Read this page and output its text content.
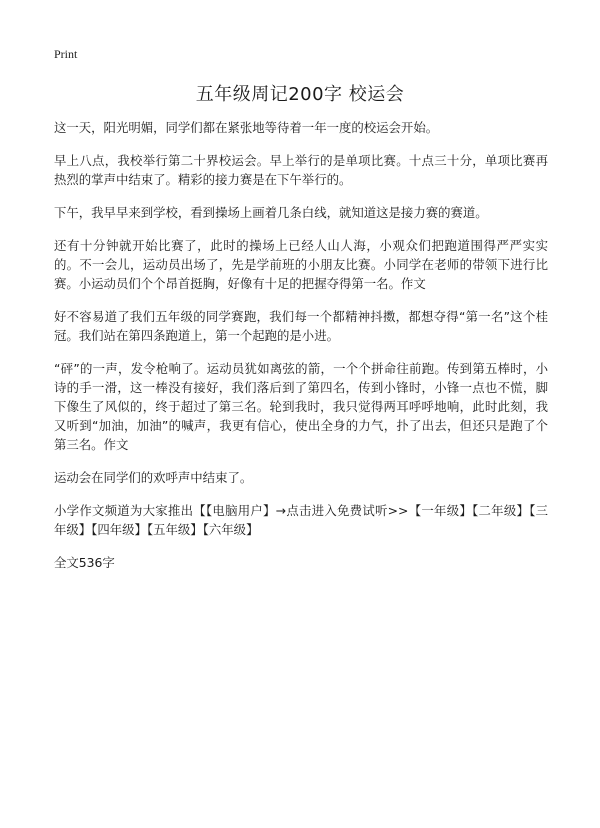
Print
五年级周记200字 校运会

这一天，阳光明媚，同学们都在紧张地等待着一年一度的校运会开始。

早上八点，我校举行第二十界校运会。早上举行的是单项比赛。十点三十分，单项比赛再热烈的掌声中结束了。精彩的接力赛是在下午举行的。

下午，我早早来到学校，看到操场上画着几条白线，就知道这是接力赛的赛道。

还有十分钟就开始比赛了，此时的操场上已经人山人海，小观众们把跑道围得严严实实的。不一会儿，运动员出场了，先是学前班的小朋友比赛。小同学在老师的带领下进行比赛。小运动员们个个昂首挺胸，好像有十足的把握夺得第一名。作文

好不容易道了我们五年级的同学赛跑，我们每一个都精神抖擞，都想夺得“第一名”这个桂冠。我们站在第四条跑道上，第一个起跑的是小进。

“砰”的一声，发令枪响了。运动员犹如离弦的箭，一个个拼命往前跑。传到第五棒时，小诗的手一滑，这一棒没有接好，我们落后到了第四名，传到小锋时，小锋一点也不慌，脚下像生了风似的，终于超过了第三名。轮到我时，我只觉得两耳呼呼地响，此时此刻，我又听到“加油，加油”的喊声，我更有信心，使出全身的力气，扑了出去，但还只是跑了个第三名。作文

运动会在同学们的欢呼声中结束了。

小学作文频道为大家推出【【电脑用户】→点击进入免费试听>>【一年级】【二年级】【三年级】【四年级】【五年级】【六年级】

全文536字
